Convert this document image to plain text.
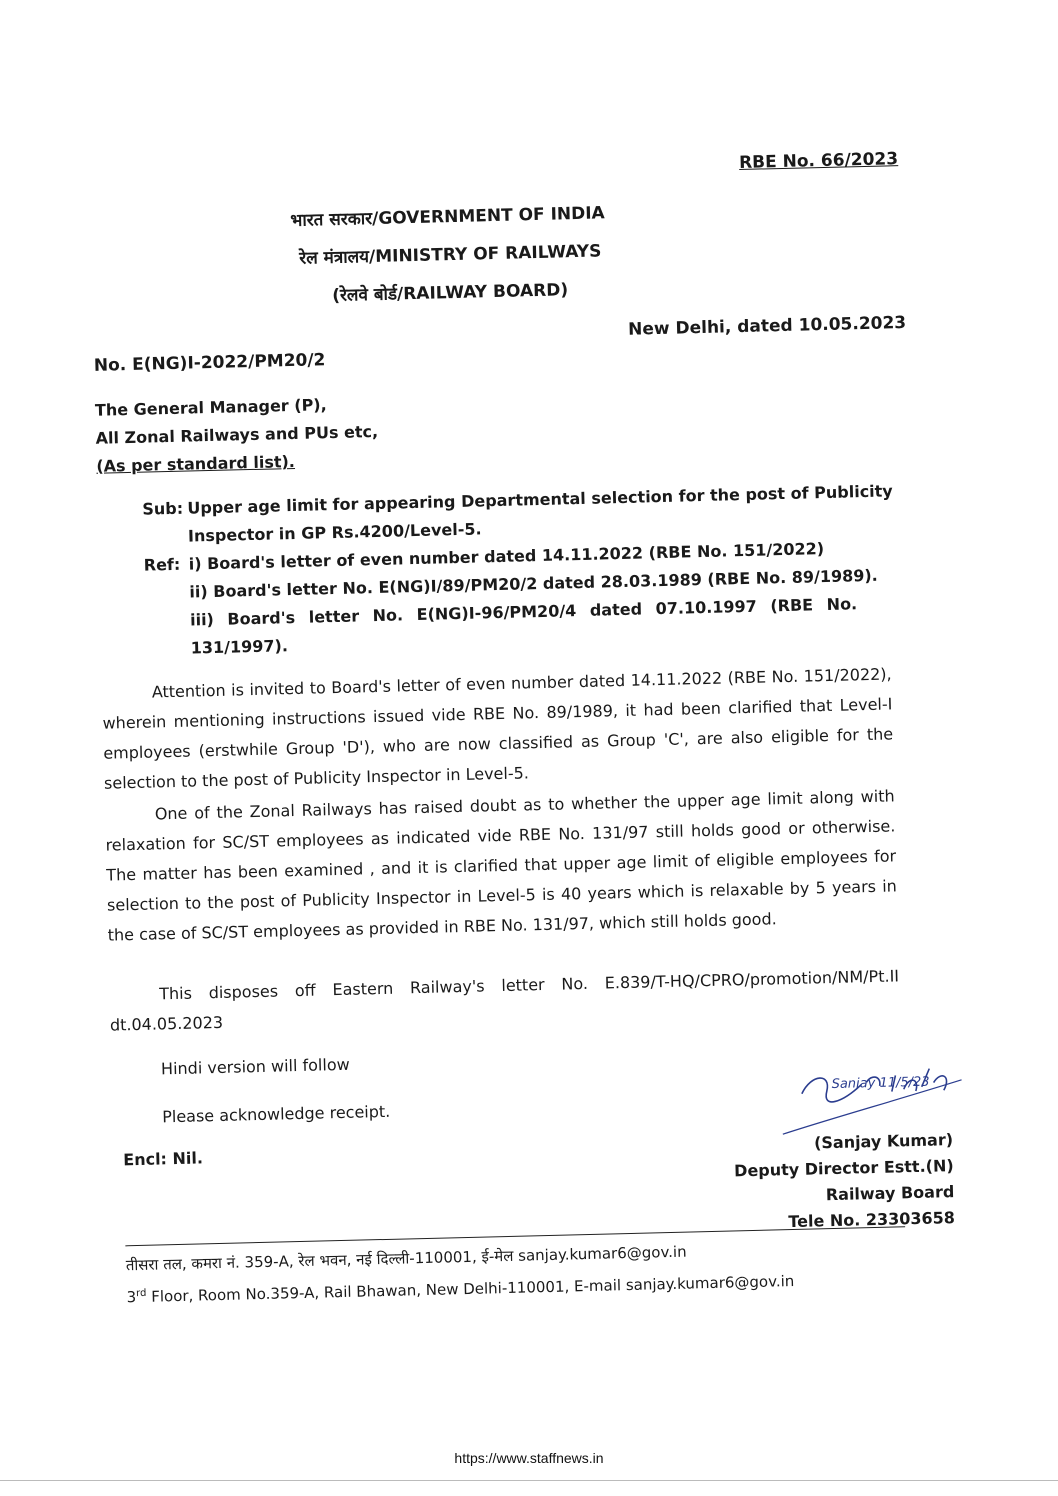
RBE No. 66/2023
भारत सरकार/GOVERNMENT OF INDIA
रेल मंत्रालय/MINISTRY OF RAILWAYS
(रेलवे बोर्ड/RAILWAY BOARD)
New Delhi, dated 10.05.2023
No. E(NG)I-2022/PM20/2
The General Manager (P),
All Zonal Railways and PUs etc,
(As per standard list).
Sub: Upper age limit for appearing Departmental selection for the post of Publicity
Inspector in GP Rs.4200/Level-5.
Ref: i) Board's letter of even number dated 14.11.2022 (RBE No. 151/2022)
ii) Board's letter No. E(NG)I/89/PM20/2 dated 28.03.1989 (RBE No. 89/1989).
iii) Board's letter No. E(NG)I-96/PM20/4 dated 07.10.1997 (RBE No.
131/1997).
Attention is invited to Board's letter of even number dated 14.11.2022 (RBE No. 151/2022), wherein mentioning instructions issued vide RBE No. 89/1989, it had been clarified that Level-I employees (erstwhile Group 'D'), who are now classified as Group 'C', are also eligible for the selection to the post of Publicity Inspector in Level-5.
One of the Zonal Railways has raised doubt as to whether the upper age limit along with relaxation for SC/ST employees as indicated vide RBE No. 131/97 still holds good or otherwise. The matter has been examined , and it is clarified that upper age limit of eligible employees for selection to the post of Publicity Inspector in Level-5 is 40 years which is relaxable by 5 years in the case of SC/ST employees as provided in RBE No. 131/97, which still holds good.
This disposes off Eastern Railway's letter No. E.839/T-HQ/CPRO/promotion/NM/Pt.II dt.04.05.2023
Hindi version will follow
Please acknowledge receipt.
Encl: Nil.
Sanjay 11/5/23
(Sanjay Kumar)
Deputy Director Estt.(N)
Railway Board
Tele No. 23303658
तीसरा तल, कमरा नं. 359-A, रेल भवन, नई दिल्ली-110001, ई-मेल sanjay.kumar6@gov.in
3rd Floor, Room No.359-A, Rail Bhawan, New Delhi-110001, E-mail sanjay.kumar6@gov.in
https://www.staffnews.in
